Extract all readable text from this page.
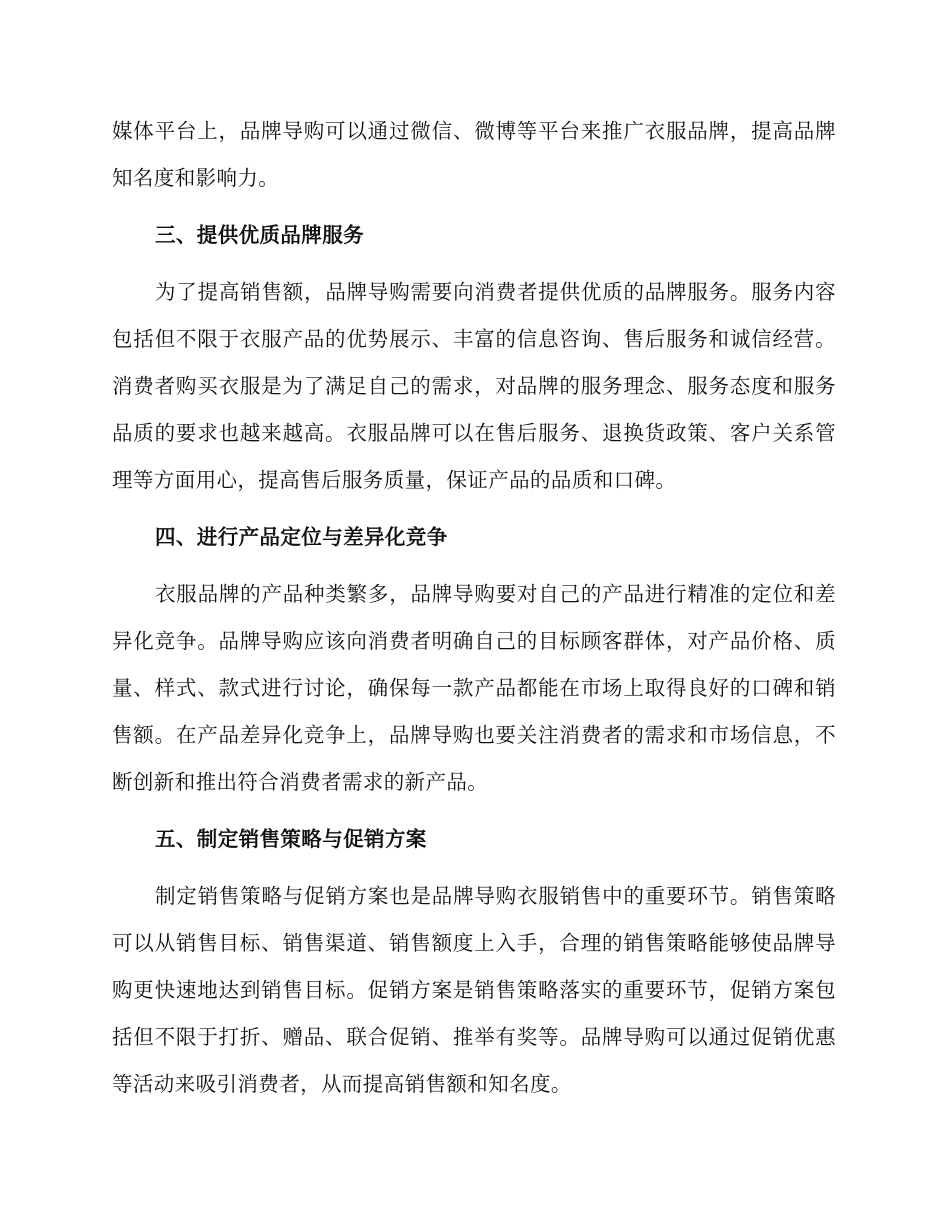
媒体平台上，品牌导购可以通过微信、微博等平台来推广衣服品牌，提高品牌知名度和影响力。

三、提供优质品牌服务

为了提高销售额，品牌导购需要向消费者提供优质的品牌服务。服务内容包括但不限于衣服产品的优势展示、丰富的信息咨询、售后服务和诚信经营。消费者购买衣服是为了满足自己的需求，对品牌的服务理念、服务态度和服务品质的要求也越来越高。衣服品牌可以在售后服务、退换货政策、客户关系管理等方面用心，提高售后服务质量，保证产品的品质和口碑。

四、进行产品定位与差异化竞争

衣服品牌的产品种类繁多，品牌导购要对自己的产品进行精准的定位和差异化竞争。品牌导购应该向消费者明确自己的目标顾客群体，对产品价格、质量、样式、款式进行讨论，确保每一款产品都能在市场上取得良好的口碑和销售额。在产品差异化竞争上，品牌导购也要关注消费者的需求和市场信息，不断创新和推出符合消费者需求的新产品。

五、制定销售策略与促销方案

制定销售策略与促销方案也是品牌导购衣服销售中的重要环节。销售策略可以从销售目标、销售渠道、销售额度上入手，合理的销售策略能够使品牌导购更快速地达到销售目标。促销方案是销售策略落实的重要环节，促销方案包括但不限于打折、赠品、联合促销、推举有奖等。品牌导购可以通过促销优惠等活动来吸引消费者，从而提高销售额和知名度。
